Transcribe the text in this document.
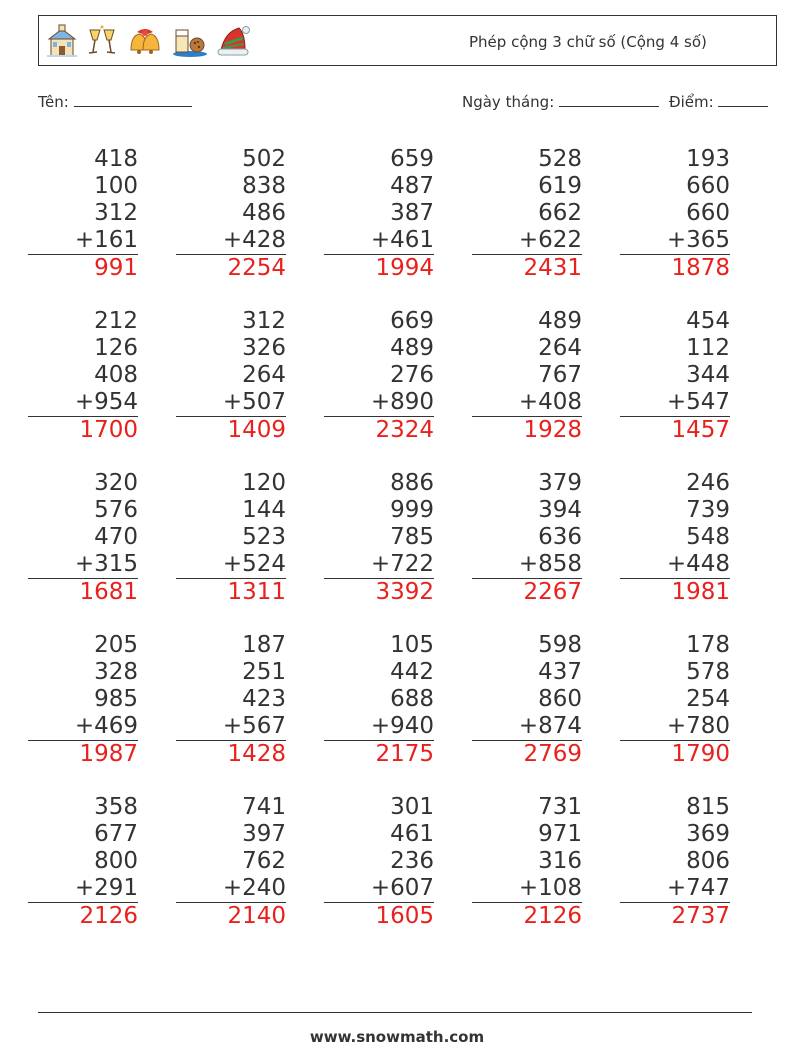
Phép cộng 3 chữ số (Cộng 4 số)
Tên:	Ngày tháng:	Điểm:
418
100
312
+161
991
502
838
486
+428
2254
659
487
387
+461
1994
528
619
662
+622
2431
193
660
660
+365
1878
212
126
408
+954
1700
312
326
264
+507
1409
669
489
276
+890
2324
489
264
767
+408
1928
454
112
344
+547
1457
320
576
470
+315
1681
120
144
523
+524
1311
886
999
785
+722
3392
379
394
636
+858
2267
246
739
548
+448
1981
205
328
985
+469
1987
187
251
423
+567
1428
105
442
688
+940
2175
598
437
860
+874
2769
178
578
254
+780
1790
358
677
800
+291
2126
741
397
762
+240
2140
301
461
236
+607
1605
731
971
316
+108
2126
815
369
806
+747
2737
www.snowmath.com
